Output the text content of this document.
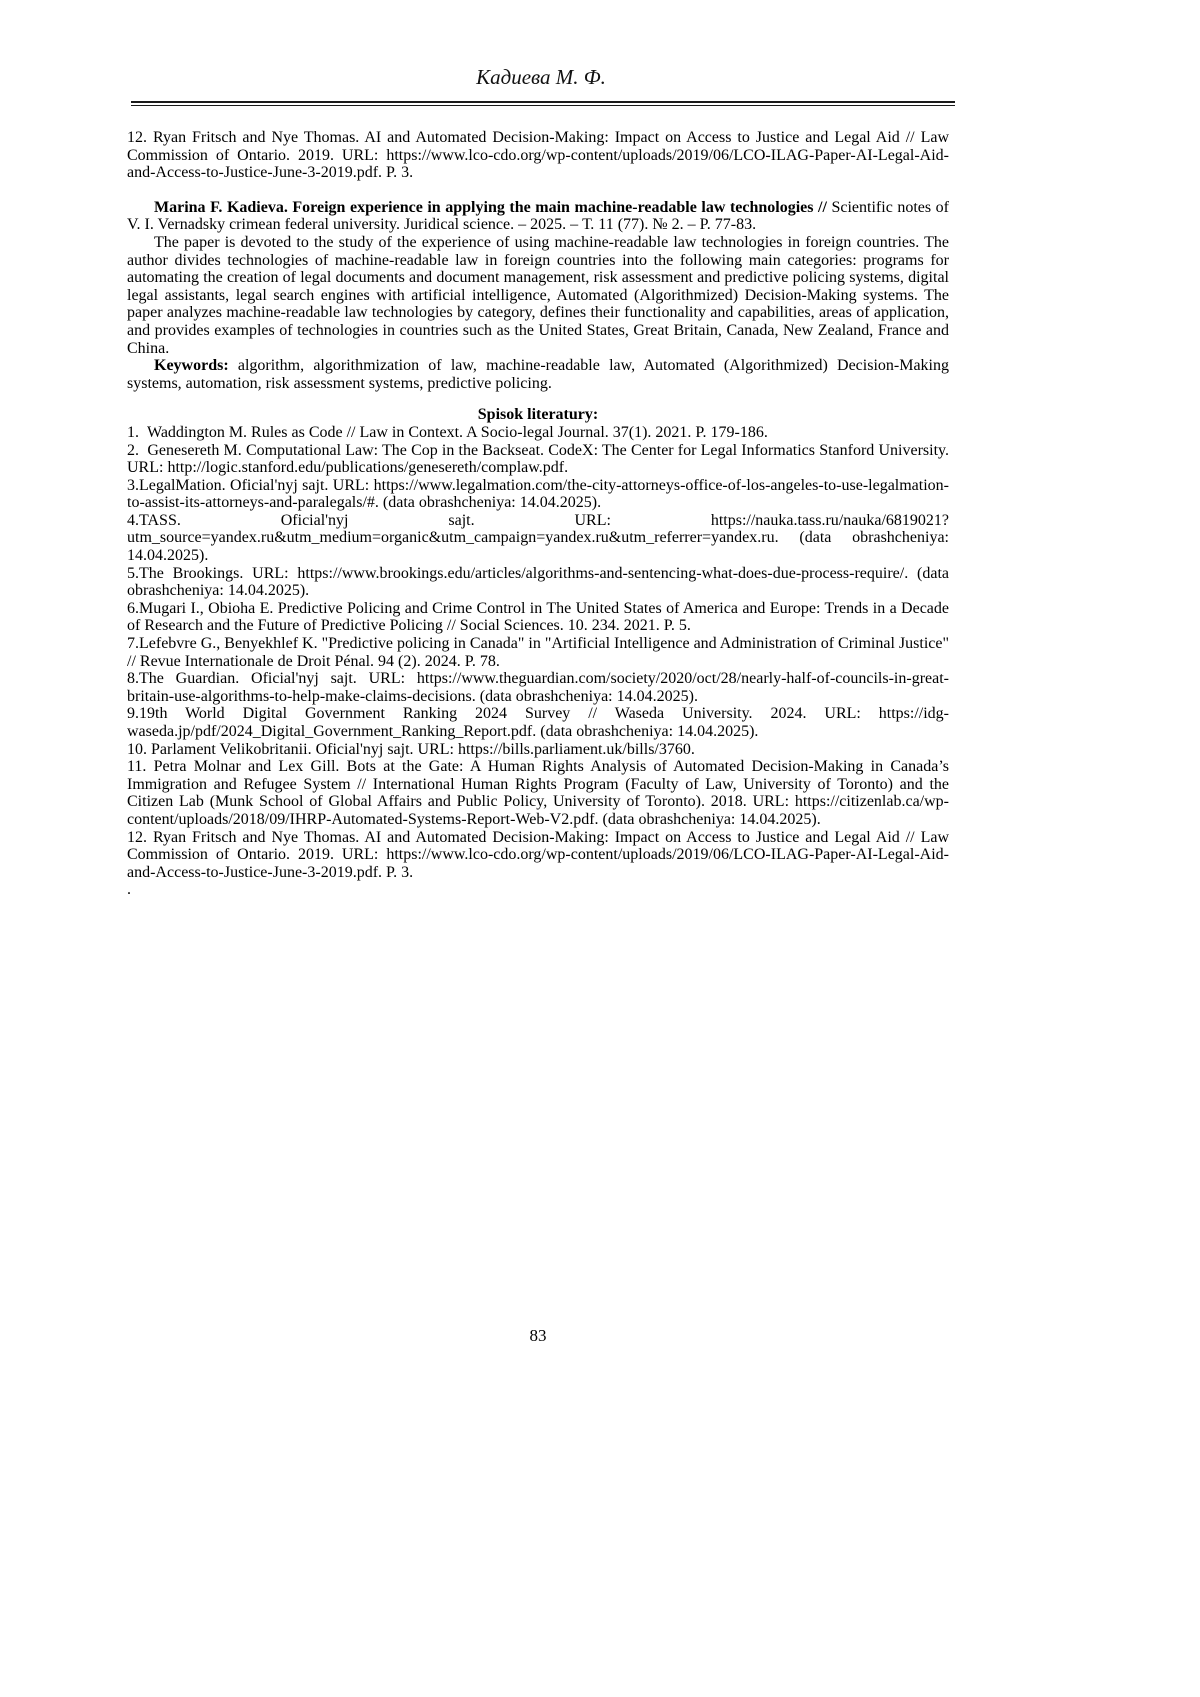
Кадиева М. Ф.

12. Ryan Fritsch and Nye Thomas. AI and Automated Decision-Making: Impact on Access to Justice and Legal Aid // Law Commission of Ontario. 2019. URL: https://www.lco-cdo.org/wp-content/uploads/2019/06/LCO-ILAG-Paper-AI-Legal-Aid-and-Access-to-Justice-June-3-2019.pdf. P. 3.

Marina F. Kadieva. Foreign experience in applying the main machine-readable law technologies // Scientific notes of V. I. Vernadsky crimean federal university. Juridical science. – 2025. – Т. 11 (77). № 2. – P. 77-83.

The paper is devoted to the study of the experience of using machine-readable law technologies in foreign countries. The author divides technologies of machine-readable law in foreign countries into the following main categories: programs for automating the creation of legal documents and document management, risk assessment and predictive policing systems, digital legal assistants, legal search engines with artificial intelligence, Automated (Algorithmized) Decision-Making systems. The paper analyzes machine-readable law technologies by category, defines their functionality and capabilities, areas of application, and provides examples of technologies in countries such as the United States, Great Britain, Canada, New Zealand, France and China.

Keywords: algorithm, algorithmization of law, machine-readable law, Automated (Algorithmized) Decision-Making systems, automation, risk assessment systems, predictive policing.

Spisok literatury:

1.  Waddington M. Rules as Code // Law in Context. A Socio-legal Journal. 37(1). 2021. P. 179-186.

2.  Genesereth M. Computational Law: The Cop in the Backseat. CodeX: The Center for Legal Informatics Stanford University. URL: http://logic.stanford.edu/publications/genesereth/complaw.pdf.

3.LegalMation. Oficial'nyj sajt. URL: https://www.legalmation.com/the-city-attorneys-office-of-los-angeles-to-use-legalmation-to-assist-its-attorneys-and-paralegals/#. (data obrashcheniya: 14.04.2025).

4.TASS. Oficial'nyj sajt. URL: https://nauka.tass.ru/nauka/6819021?utm_source=yandex.ru&utm_medium=organic&utm_campaign=yandex.ru&utm_referrer=yandex.ru. (data obrashcheniya: 14.04.2025).

5.The Brookings. URL: https://www.brookings.edu/articles/algorithms-and-sentencing-what-does-due-process-require/. (data obrashcheniya: 14.04.2025).

6.Mugari I., Obioha E. Predictive Policing and Crime Control in The United States of America and Europe: Trends in a Decade of Research and the Future of Predictive Policing // Social Sciences. 10. 234. 2021. P. 5.

7.Lefebvre G., Benyekhlef K. "Predictive policing in Canada" in "Artificial Intelligence and Administration of Criminal Justice" // Revue Internationale de Droit Pénal. 94 (2). 2024. P. 78.

8.The Guardian. Oficial'nyj sajt. URL: https://www.theguardian.com/society/2020/oct/28/nearly-half-of-councils-in-great-britain-use-algorithms-to-help-make-claims-decisions. (data obrashcheniya: 14.04.2025).

9.19th World Digital Government Ranking 2024 Survey // Waseda University. 2024. URL: https://idg-waseda.jp/pdf/2024_Digital_Government_Ranking_Report.pdf. (data obrashcheniya: 14.04.2025).

10. Parlament Velikobritanii. Oficial'nyj sajt. URL: https://bills.parliament.uk/bills/3760.

11. Petra Molnar and Lex Gill. Bots at the Gate: A Human Rights Analysis of Automated Decision-Making in Canada’s Immigration and Refugee System // International Human Rights Program (Faculty of Law, University of Toronto) and the Citizen Lab (Munk School of Global Affairs and Public Policy, University of Toronto). 2018. URL: https://citizenlab.ca/wp-content/uploads/2018/09/IHRP-Automated-Systems-Report-Web-V2.pdf. (data obrashcheniya: 14.04.2025).

12. Ryan Fritsch and Nye Thomas. AI and Automated Decision-Making: Impact on Access to Justice and Legal Aid // Law Commission of Ontario. 2019. URL: https://www.lco-cdo.org/wp-content/uploads/2019/06/LCO-ILAG-Paper-AI-Legal-Aid-and-Access-to-Justice-June-3-2019.pdf. P. 3.

.

83
